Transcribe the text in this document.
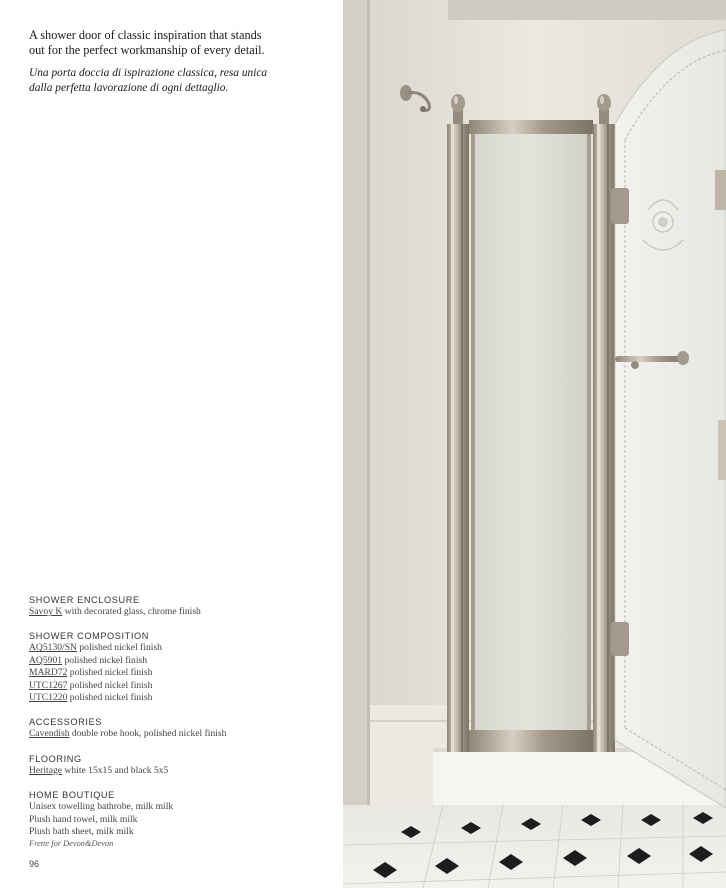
A shower door of classic inspiration that stands out for the perfect workmanship of every detail.

Una porta doccia di ispirazione classica, resa unica dalla perfetta lavorazione di ogni dettaglio.

SHOWER ENCLOSURE
Savoy K with decorated glass, chrome finish
SHOWER COMPOSITION
AQ5130/SN polished nickel finish
AQ5901 polished nickel finish
MARD72 polished nickel finish
UTC1267 polished nickel finish
UTC1220 polished nickel finish
ACCESSORIES
Cavendish double robe hook, polished nickel finish
FLOORING
Heritage white 15x15 and black 5x5
HOME BOUTIQUE
Unisex towelling bathrobe, milk milk
Plush hand towel, milk milk
Plush bath sheet, milk milk
Frette for Devon&Devon
96
